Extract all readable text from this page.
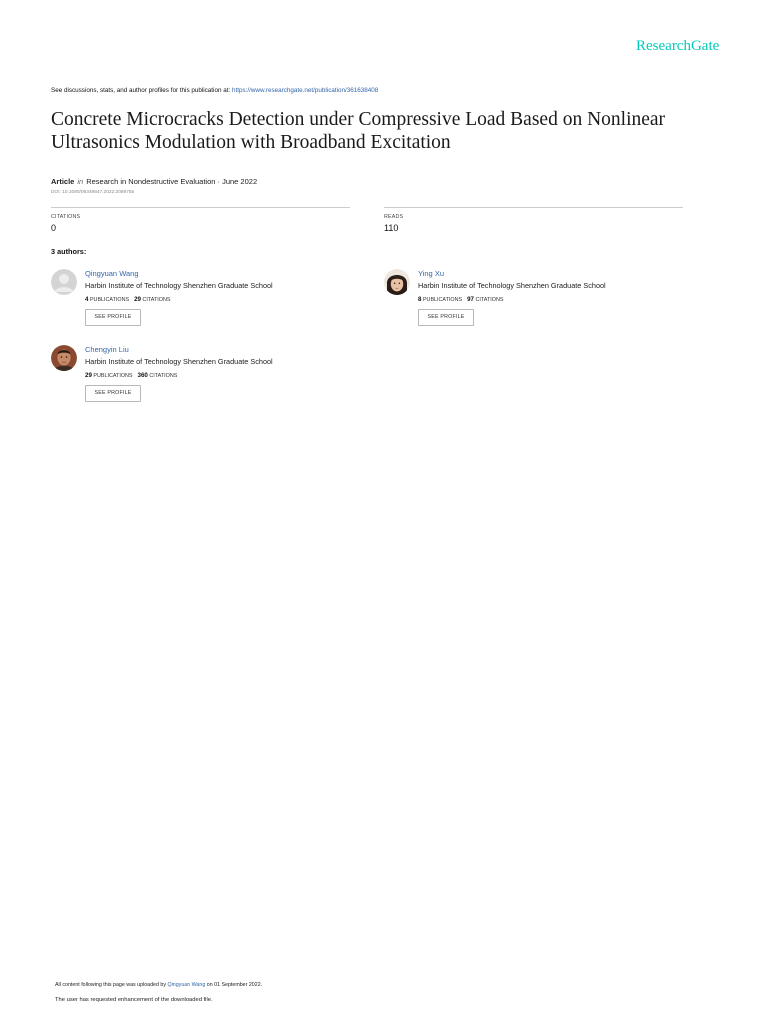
ResearchGate
See discussions, stats, and author profiles for this publication at: https://www.researchgate.net/publication/361638408
Concrete Microcracks Detection under Compressive Load Based on Nonlinear Ultrasonics Modulation with Broadband Excitation
Article in Research in Nondestructive Evaluation · June 2022
DOI: 10.1080/09349847.2022.2089755
CITATIONS
0
READS
110
3 authors:
Qingyuan Wang
Harbin Institute of Technology Shenzhen Graduate School
4 PUBLICATIONS 29 CITATIONS
SEE PROFILE
Ying Xu
Harbin Institute of Technology Shenzhen Graduate School
8 PUBLICATIONS 97 CITATIONS
SEE PROFILE
Chengyin Liu
Harbin Institute of Technology Shenzhen Graduate School
29 PUBLICATIONS 360 CITATIONS
SEE PROFILE
All content following this page was uploaded by Qingyuan Wang on 01 September 2022.
The user has requested enhancement of the downloaded file.
